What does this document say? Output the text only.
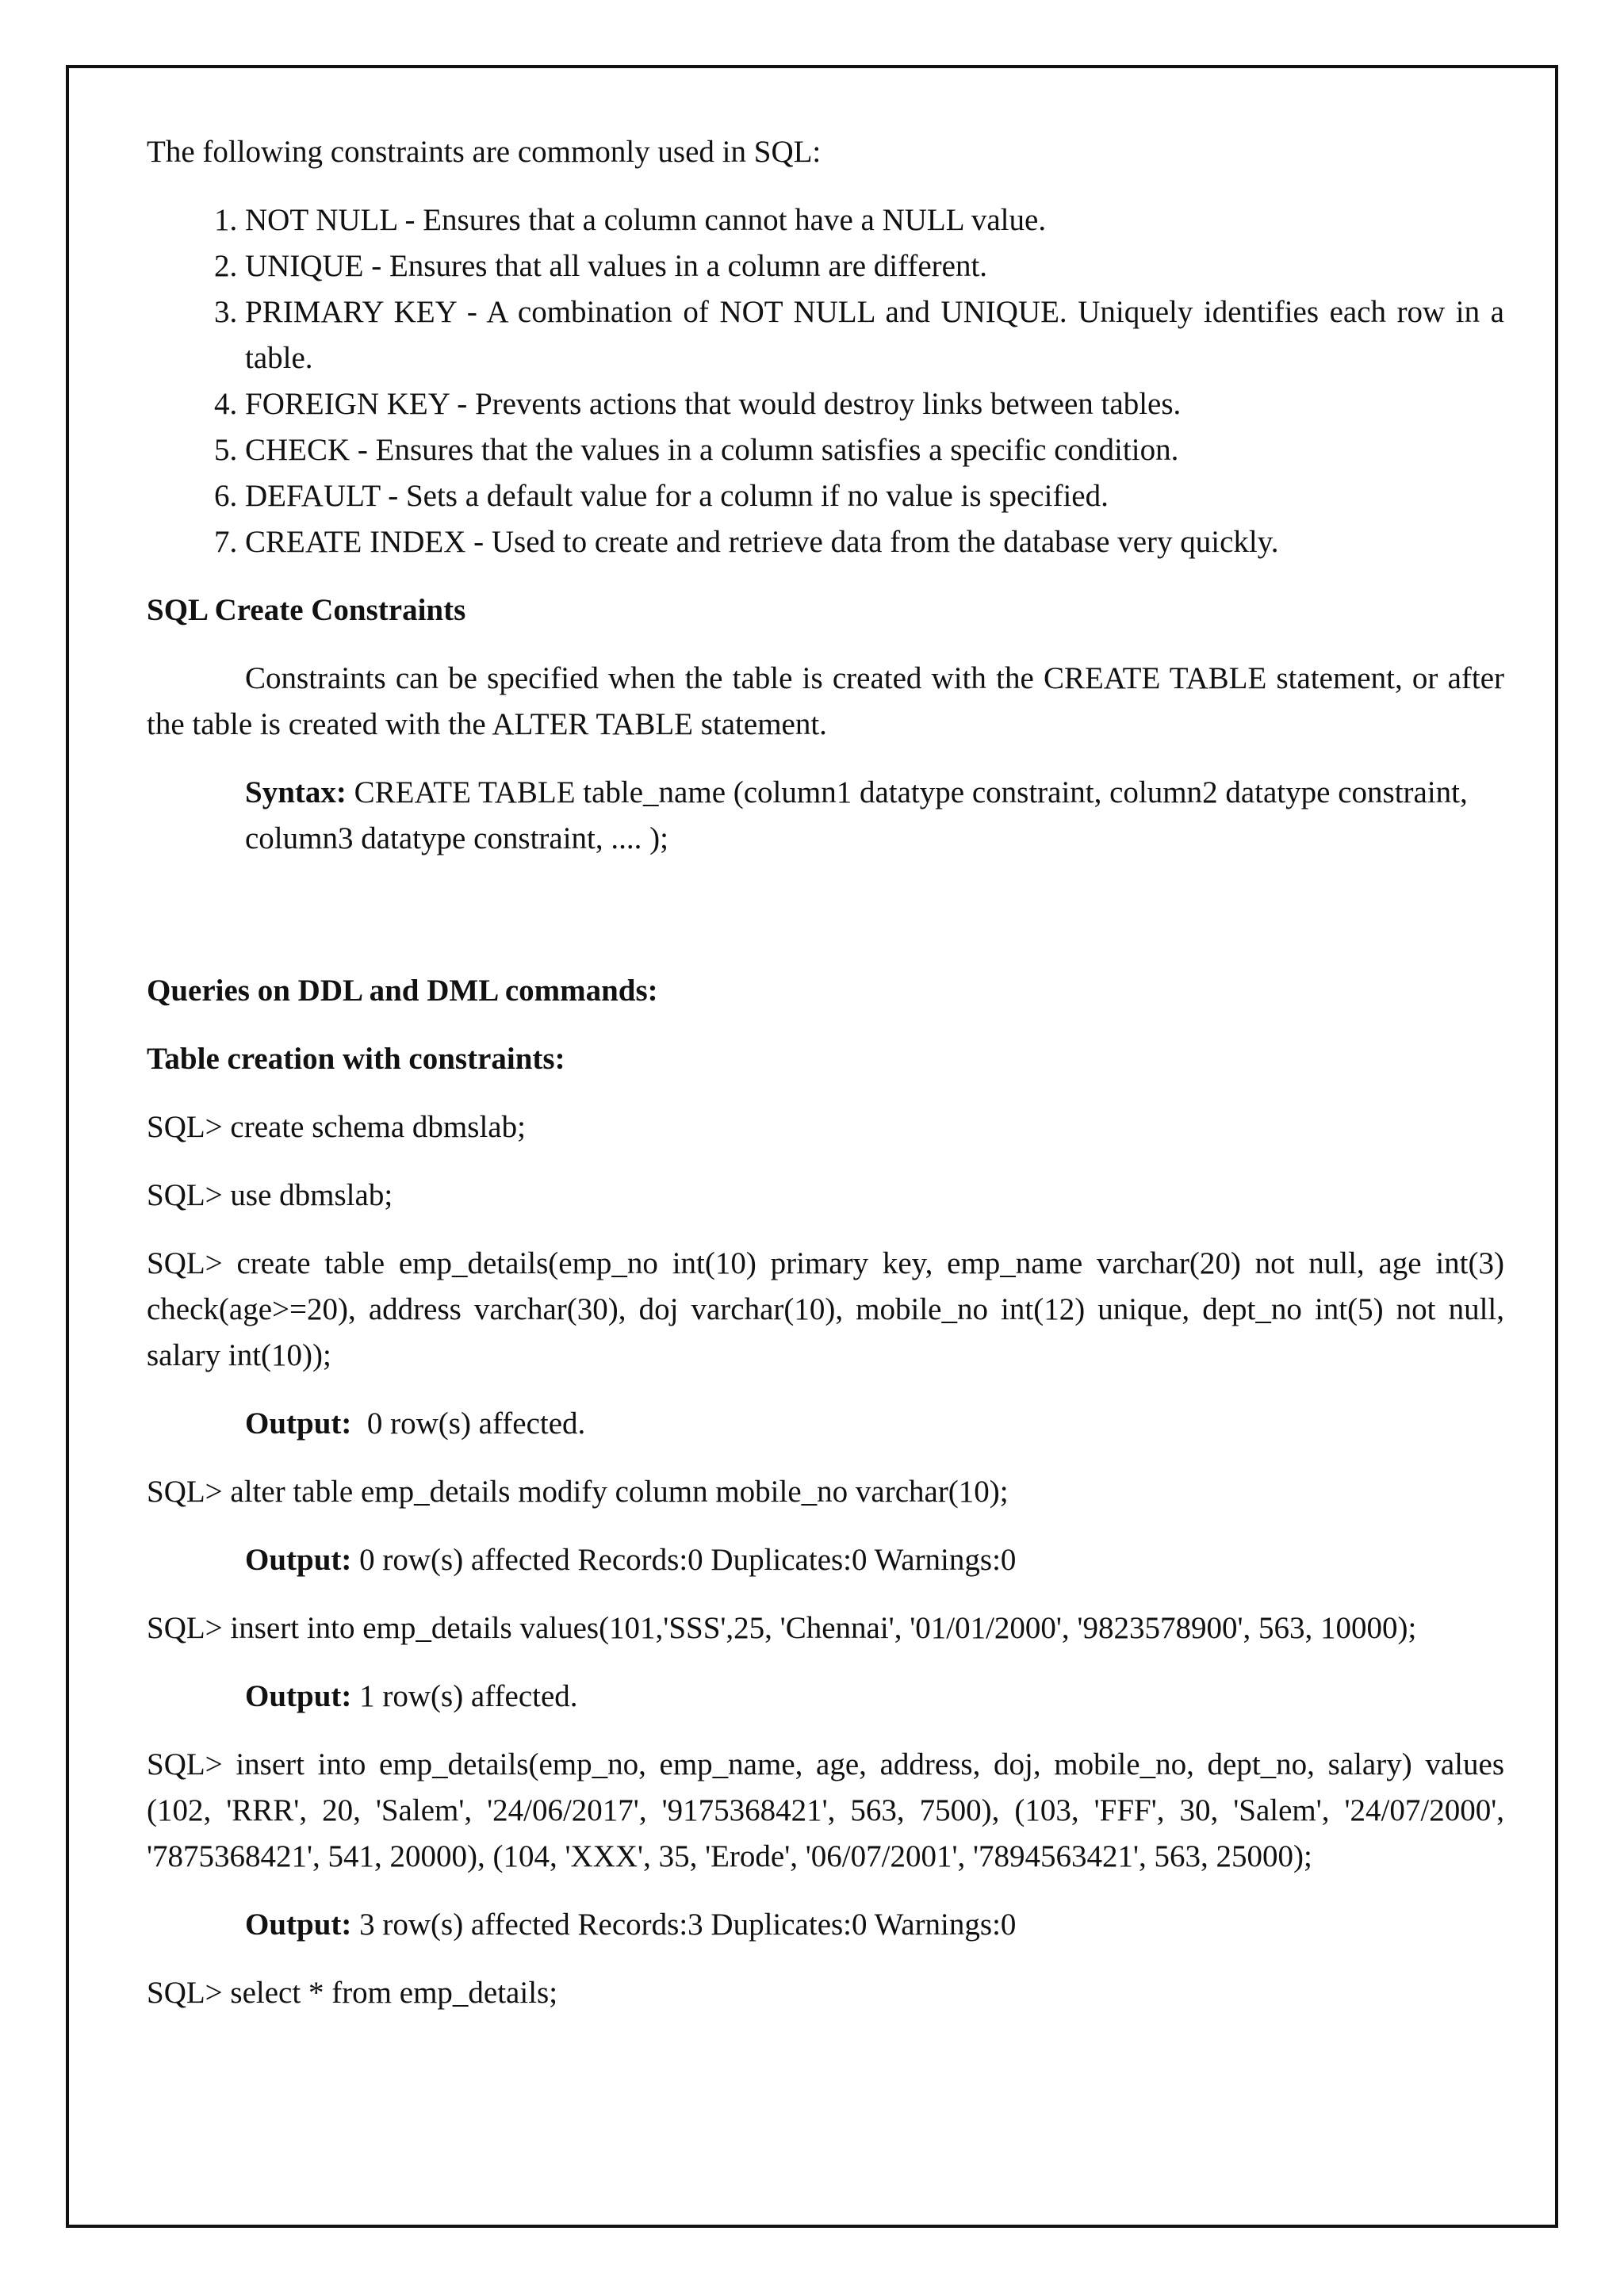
The following constraints are commonly used in SQL:

1. NOT NULL - Ensures that a column cannot have a NULL value.
2. UNIQUE - Ensures that all values in a column are different.
3. PRIMARY KEY - A combination of NOT NULL and UNIQUE. Uniquely identifies each row in a table.
4. FOREIGN KEY - Prevents actions that would destroy links between tables.
5. CHECK - Ensures that the values in a column satisfies a specific condition.
6. DEFAULT - Sets a default value for a column if no value is specified.
7. CREATE INDEX - Used to create and retrieve data from the database very quickly.

SQL Create Constraints

Constraints can be specified when the table is created with the CREATE TABLE statement, or after the table is created with the ALTER TABLE statement.

Syntax: CREATE TABLE table_name (column1 datatype constraint, column2 datatype constraint, column3 datatype constraint, .... );

Queries on DDL and DML commands:

Table creation with constraints:

SQL> create schema dbmslab;

SQL> use dbmslab;

SQL> create table emp_details(emp_no int(10) primary key, emp_name varchar(20) not null, age int(3) check(age>=20), address varchar(30), doj varchar(10), mobile_no int(12) unique, dept_no int(5) not null, salary int(10));

Output:  0 row(s) affected.

SQL> alter table emp_details modify column mobile_no varchar(10);

Output: 0 row(s) affected Records:0 Duplicates:0 Warnings:0

SQL> insert into emp_details values(101,'SSS',25, 'Chennai', '01/01/2000', '9823578900', 563, 10000);

Output: 1 row(s) affected.

SQL> insert into emp_details(emp_no, emp_name, age, address, doj, mobile_no, dept_no, salary) values (102, 'RRR', 20, 'Salem', '24/06/2017', '9175368421', 563, 7500), (103, 'FFF', 30, 'Salem', '24/07/2000', '7875368421', 541, 20000), (104, 'XXX', 35, 'Erode', '06/07/2001', '7894563421', 563, 25000);

Output: 3 row(s) affected Records:3 Duplicates:0 Warnings:0

SQL> select * from emp_details;
